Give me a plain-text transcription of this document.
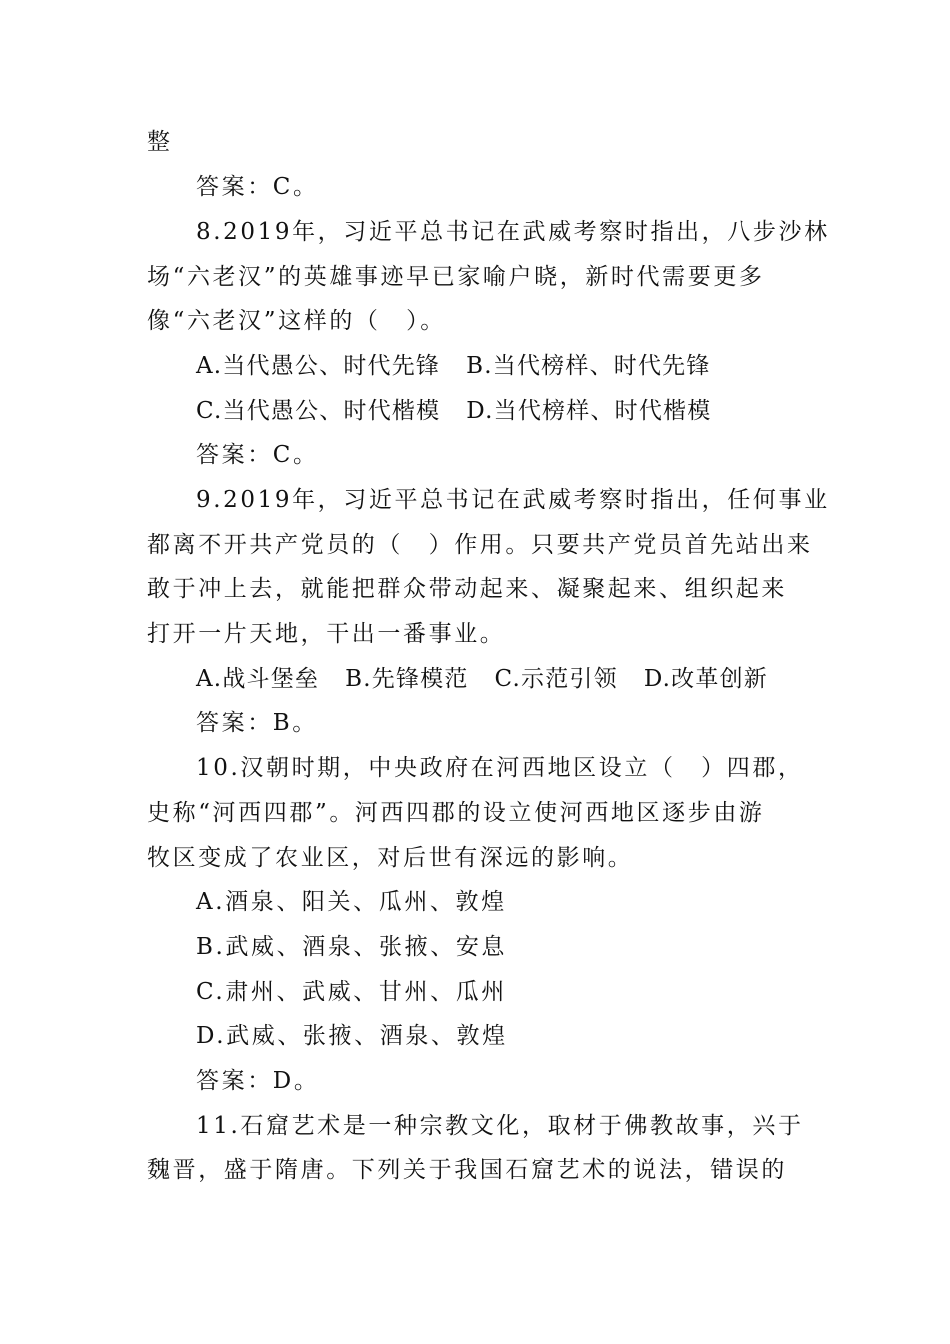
整
答案：C。
8.2019年，习近平总书记在武威考察时指出，八步沙林
场“六老汉”的英雄事迹早已家喻户晓，新时代需要更多
像“六老汉”这样的（　）。
A.当代愚公、时代先锋 B.当代榜样、时代先锋
C.当代愚公、时代楷模 D.当代榜样、时代楷模
答案：C。
9.2019年，习近平总书记在武威考察时指出，任何事业
都离不开共产党员的（　）作用。只要共产党员首先站出来
敢于冲上去，就能把群众带动起来、凝聚起来、组织起来
打开一片天地，干出一番事业。
A.战斗堡垒 B.先锋模范 C.示范引领 D.改革创新
答案：B。
10.汉朝时期，中央政府在河西地区设立（　）四郡，
史称“河西四郡”。河西四郡的设立使河西地区逐步由游
牧区变成了农业区，对后世有深远的影响。
A.酒泉、阳关、瓜州、敦煌
B.武威、酒泉、张掖、安息
C.肃州、武威、甘州、瓜州
D.武威、张掖、酒泉、敦煌
答案：D。
11.石窟艺术是一种宗教文化，取材于佛教故事，兴于
魏晋，盛于隋唐。下列关于我国石窟艺术的说法，错误的
